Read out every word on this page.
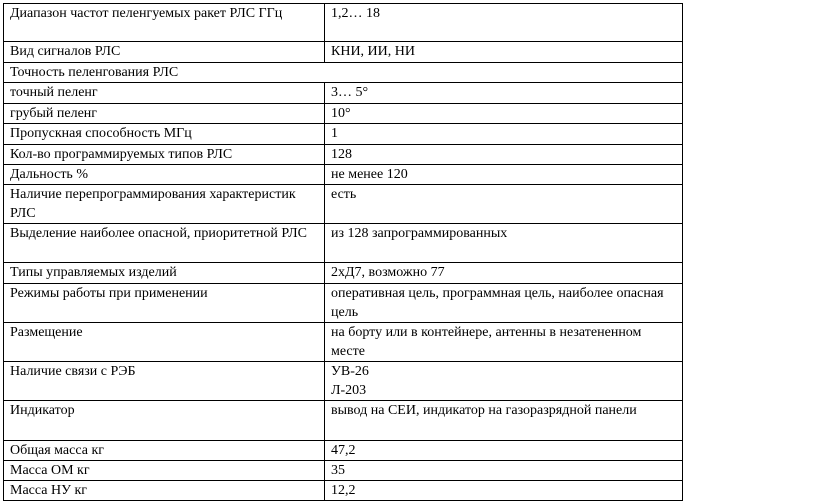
Диапазон частот пеленгуемых ракет РЛС ГГц	1,2… 18
Вид сигналов РЛС	КНИ, ИИ, НИ
Точность пеленгования РЛС	
точный пеленг	3… 5°
грубый пеленг	10°
Пропускная способность МГц	1
Кол-во программируемых типов РЛС	128
Дальность %	не менее 120
Наличие перепрограммирования характеристик РЛС	есть
Выделение наиболее опасной, приоритетной РЛС	из 128 запрограммированных
Типы управляемых изделий	2хД7, возможно 77
Режимы работы при применении	оперативная цель, программная цель, наиболее опасная цель
Размещение	на борту или в контейнере, антенны в незатененном месте
Наличие связи с РЭБ	УВ-26
Л-203

Индикатор	вывод на СЕИ, индикатор на газоразрядной панели
Общая масса кг	47,2
Масса ОМ кг	35
Масса НУ кг	12,2
